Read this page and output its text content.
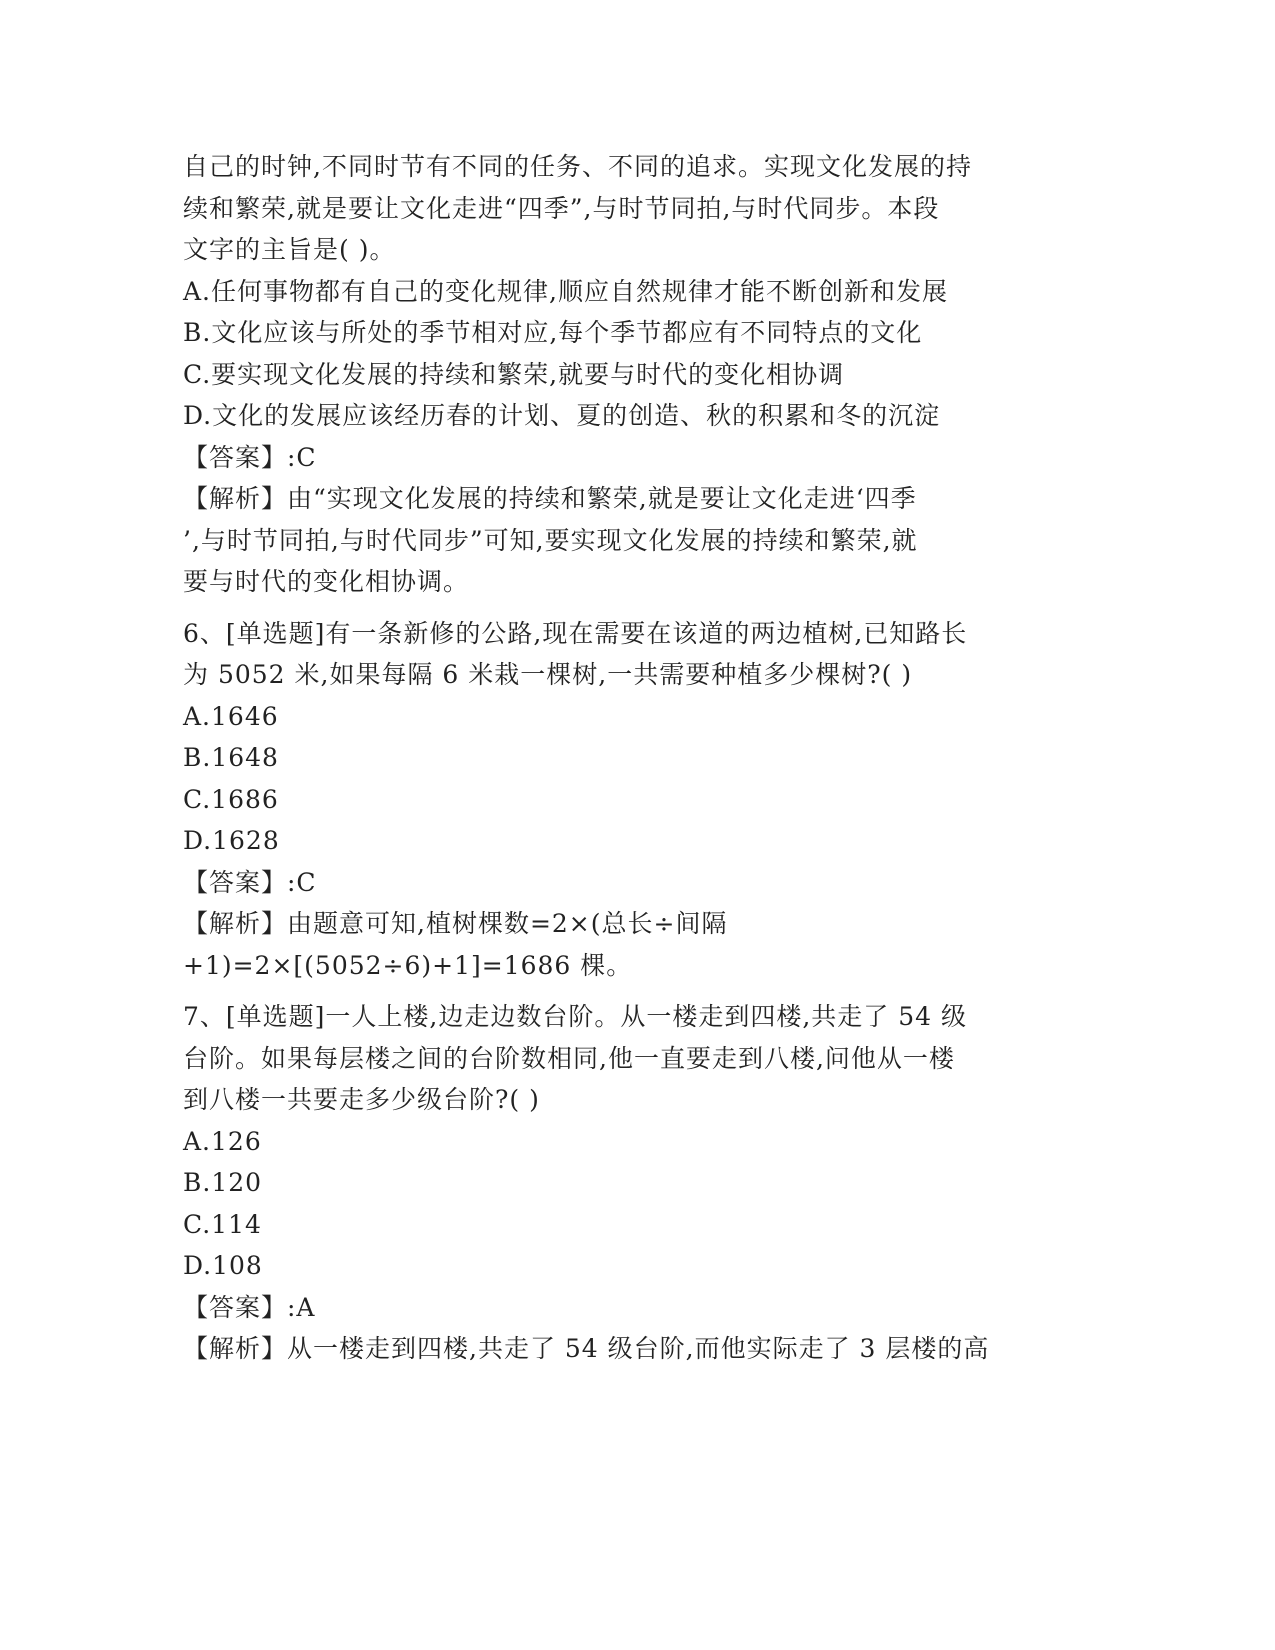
自己的时钟,不同时节有不同的任务、不同的追求。实现文化发展的持
续和繁荣,就是要让文化走进“四季”,与时节同拍,与时代同步。本段
文字的主旨是( )。
A.任何事物都有自己的变化规律,顺应自然规律才能不断创新和发展
B.文化应该与所处的季节相对应,每个季节都应有不同特点的文化
C.要实现文化发展的持续和繁荣,就要与时代的变化相协调
D.文化的发展应该经历春的计划、夏的创造、秋的积累和冬的沉淀
【答案】:C
【解析】由“实现文化发展的持续和繁荣,就是要让文化走进‘四季
’,与时节同拍,与时代同步”可知,要实现文化发展的持续和繁荣,就
要与时代的变化相协调。
6、[单选题]有一条新修的公路,现在需要在该道的两边植树,已知路长
为 5052 米,如果每隔 6 米栽一棵树,一共需要种植多少棵树?( )
A.1646
B.1648
C.1686
D.1628
【答案】:C
【解析】由题意可知,植树棵数=2×(总长÷间隔
+1)=2×[(5052÷6)+1]=1686 棵。
7、[单选题]一人上楼,边走边数台阶。从一楼走到四楼,共走了 54 级
台阶。如果每层楼之间的台阶数相同,他一直要走到八楼,问他从一楼
到八楼一共要走多少级台阶?( )
A.126
B.120
C.114
D.108
【答案】:A
【解析】从一楼走到四楼,共走了 54 级台阶,而他实际走了 3 层楼的高
